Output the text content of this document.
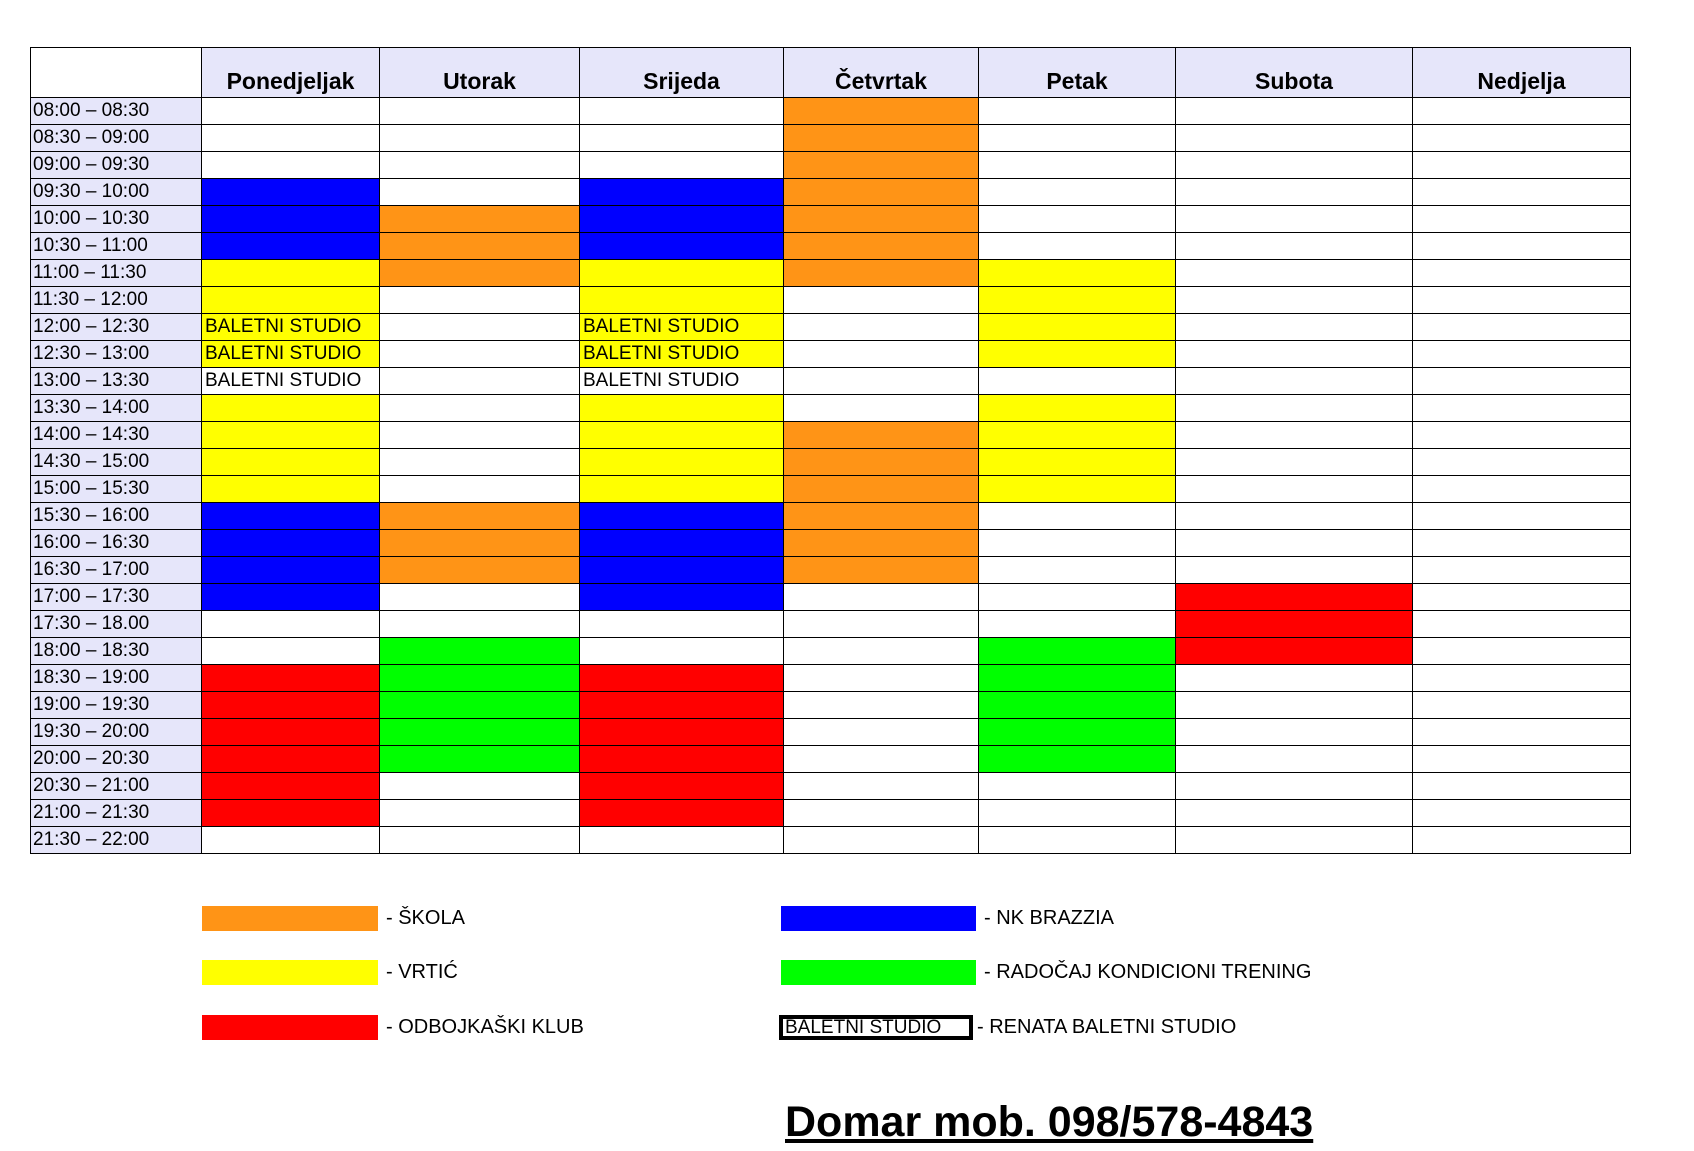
	Ponedjeljak	Utorak	Srijeda	Četvrtak	Petak	Subota	Nedjelja
08:00 – 08:30							
08:30 – 09:00							
09:00 – 09:30							
09:30 – 10:00							
10:00 – 10:30							
10:30 – 11:00							
11:00 – 11:30							
11:30 – 12:00							
12:00 – 12:30	BALETNI STUDIO		BALETNI STUDIO				
12:30 – 13:00	BALETNI STUDIO		BALETNI STUDIO				
13:00 – 13:30	BALETNI STUDIO		BALETNI STUDIO				
13:30 – 14:00							
14:00 – 14:30							
14:30 – 15:00							
15:00 – 15:30							
15:30 – 16:00							
16:00 – 16:30							
16:30 – 17:00							
17:00 – 17:30							
17:30 – 18.00							
18:00 – 18:30							
18:30 – 19:00							
19:00 – 19:30							
19:30 – 20:00							
20:00 – 20:30							
20:30 – 21:00							
21:00 – 21:30							
21:30 – 22:00							
- ŠKOLA
- VRTIĆ
- ODBOJKAŠKI KLUB
- NK BRAZZIA
- RADOČAJ KONDICIONI TRENING
BALETNI STUDIO	- RENATA BALETNI STUDIO
Domar mob. 098/578-4843
